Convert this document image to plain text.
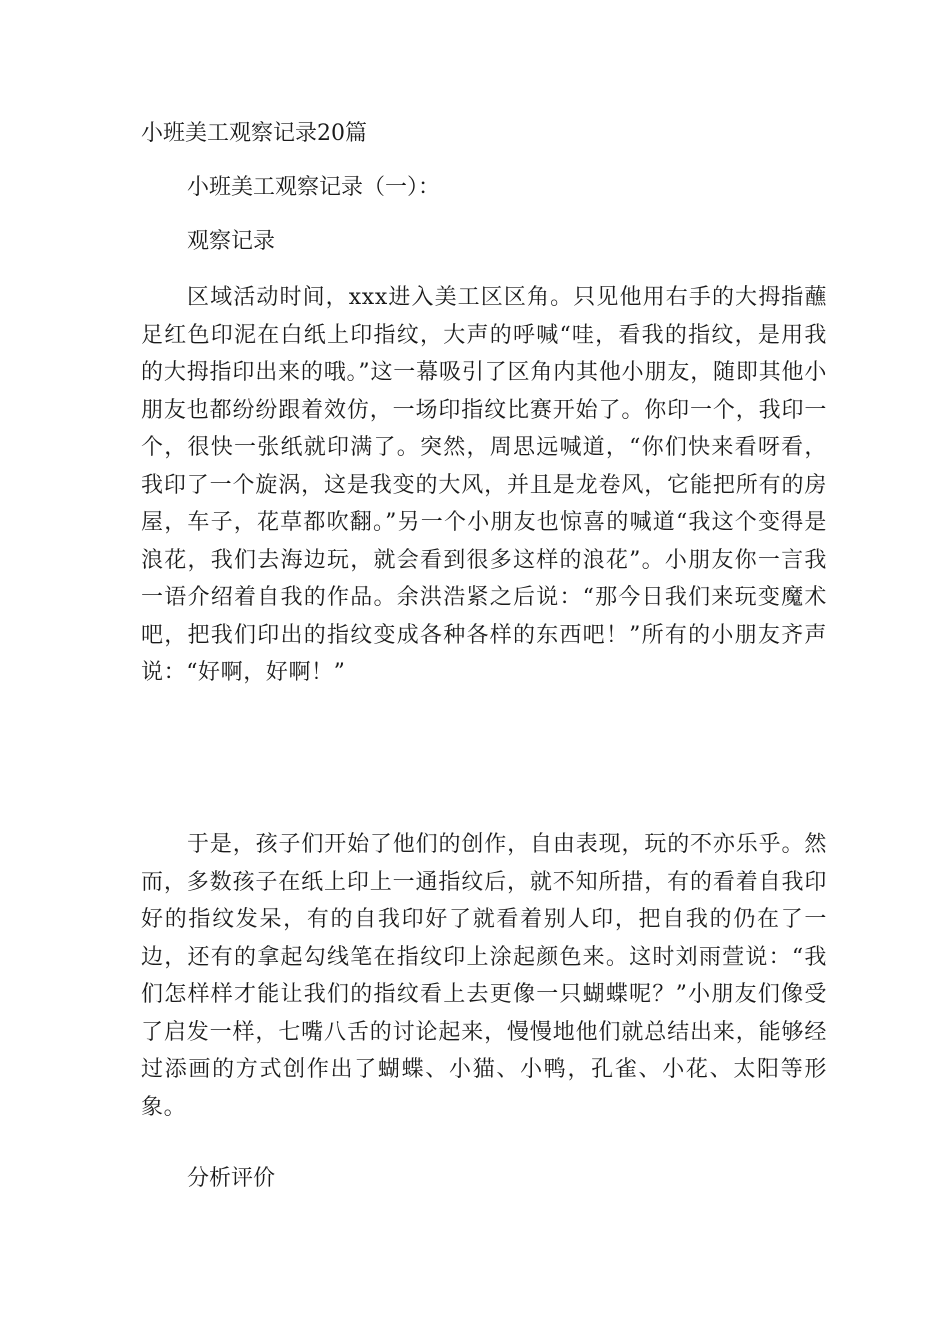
小班美工观察记录20篇
小班美工观察记录（一）：
观察记录
区域活动时间，xxx进入美工区区角。只见他用右手的大拇指蘸足红色印泥在白纸上印指纹，大声的呼喊“哇，看我的指纹，是用我的大拇指印出来的哦。”这一幕吸引了区角内其他小朋友，随即其他小朋友也都纷纷跟着效仿，一场印指纹比赛开始了。你印一个，我印一个，很快一张纸就印满了。突然，周思远喊道，“你们快来看呀看，我印了一个旋涡，这是我变的大风，并且是龙卷风，它能把所有的房屋，车子，花草都吹翻。”另一个小朋友也惊喜的喊道“我这个变得是浪花，我们去海边玩，就会看到很多这样的浪花”。小朋友你一言我一语介绍着自我的作品。余洪浩紧之后说：“那今日我们来玩变魔术吧，把我们印出的指纹变成各种各样的东西吧！”所有的小朋友齐声说：“好啊，好啊！”
于是，孩子们开始了他们的创作，自由表现，玩的不亦乐乎。然而，多数孩子在纸上印上一通指纹后，就不知所措，有的看着自我印好的指纹发呆，有的自我印好了就看着别人印，把自我的仍在了一边，还有的拿起勾线笔在指纹印上涂起颜色来。这时刘雨萱说：“我们怎样样才能让我们的指纹看上去更像一只蝴蝶呢？”小朋友们像受了启发一样，七嘴八舌的讨论起来，慢慢地他们就总结出来，能够经过添画的方式创作出了蝴蝶、小猫、小鸭，孔雀、小花、太阳等形象。
分析评价
